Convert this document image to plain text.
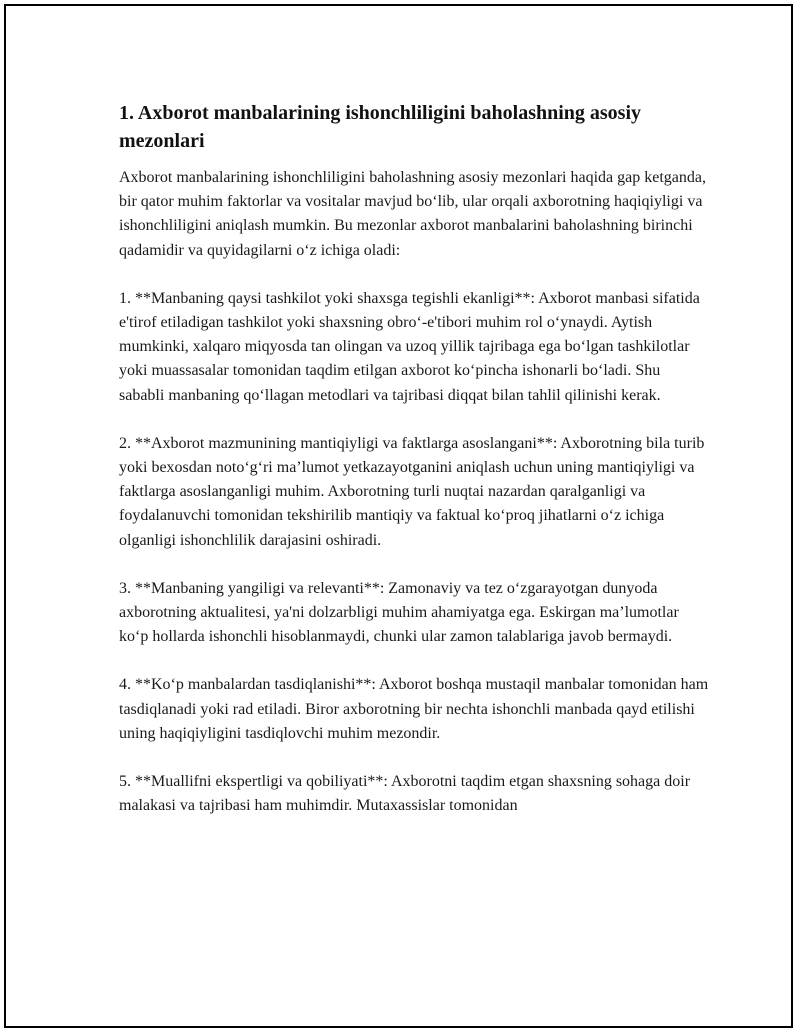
1. Axborot manbalarining ishonchliligini baholashning asosiy mezonlari

Axborot manbalarining ishonchliligini baholashning asosiy mezonlari haqida gap ketganda, bir qator muhim faktorlar va vositalar mavjud bo‘lib, ular orqali axborotning haqiqiyligi va ishonchliligini aniqlash mumkin. Bu mezonlar axborot manbalarini baholashning birinchi qadamidir va quyidagilarni o‘z ichiga oladi:

1. **Manbaning qaysi tashkilot yoki shaxsga tegishli ekanligi**: Axborot manbasi sifatida e'tirof etiladigan tashkilot yoki shaxsning obro‘-e'tibori muhim rol o‘ynaydi. Aytish mumkinki, xalqaro miqyosda tan olingan va uzoq yillik tajribaga ega bo‘lgan tashkilotlar yoki muassasalar tomonidan taqdim etilgan axborot ko‘pincha ishonarli bo‘ladi. Shu sababli manbaning qo‘llagan metodlari va tajribasi diqqat bilan tahlil qilinishi kerak.

2. **Axborot mazmunining mantiqiyligi va faktlarga asoslangani**: Axborotning bila turib yoki bexosdan noto‘g‘ri ma’lumot yetkazayotganini aniqlash uchun uning mantiqiyligi va faktlarga asoslanganligi muhim. Axborotning turli nuqtai nazardan qaralganligi va foydalanuvchi tomonidan tekshirilib mantiqiy va faktual ko‘proq jihatlarni o‘z ichiga olganligi ishonchlilik darajasini oshiradi.

3. **Manbaning yangiligi va relevanti**: Zamonaviy va tez o‘zgarayotgan dunyoda axborotning aktualitesi, ya'ni dolzarbligi muhim ahamiyatga ega. Eskirgan ma’lumotlar ko‘p hollarda ishonchli hisoblanmaydi, chunki ular zamon talablariga javob bermaydi.

4. **Ko‘p manbalardan tasdiqlanishi**: Axborot boshqa mustaqil manbalar tomonidan ham tasdiqlanadi yoki rad etiladi. Biror axborotning bir nechta ishonchli manbada qayd etilishi uning haqiqiyligini tasdiqlovchi muhim mezondir.

5. **Muallifni ekspertligi va qobiliyati**: Axborotni taqdim etgan shaxsning sohaga doir malakasi va tajribasi ham muhimdir. Mutaxassislar tomonidan
